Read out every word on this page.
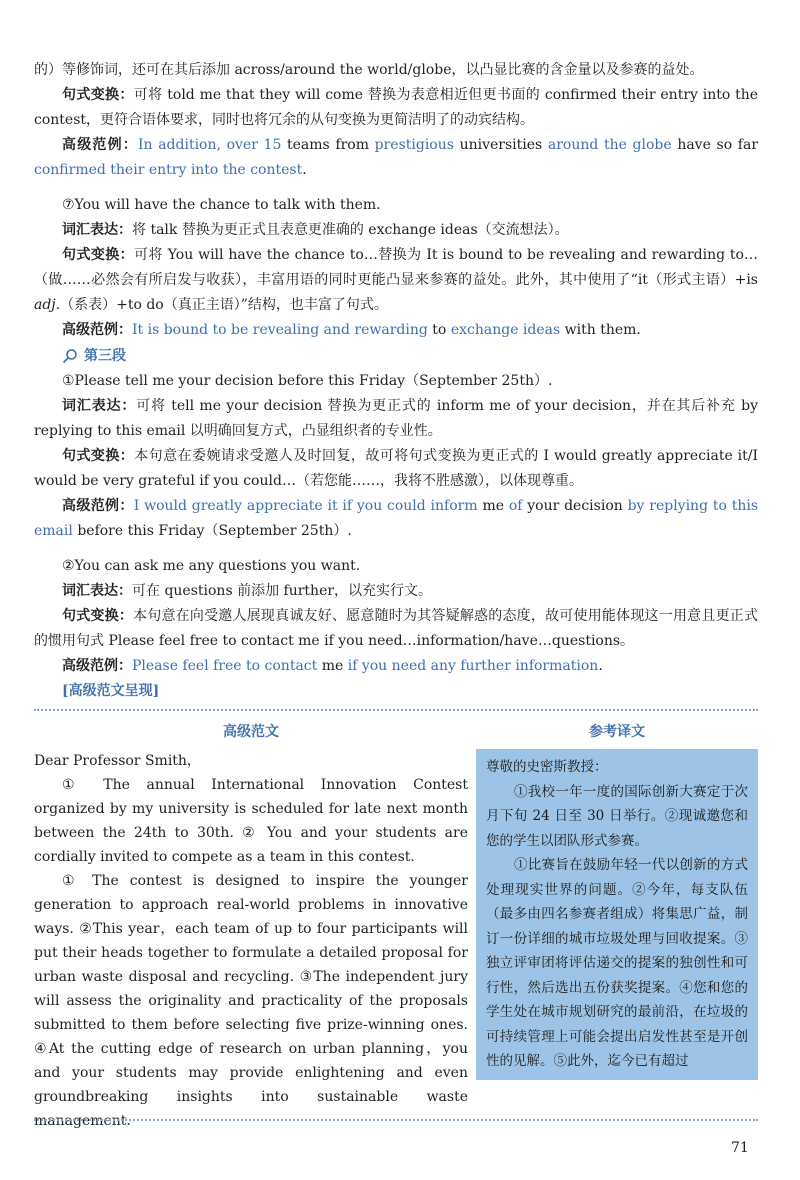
的）等修饰词，还可在其后添加 across/around the world/globe，以凸显比赛的含金量以及参赛的益处。

句式变换：可将 told me that they will come 替换为表意相近但更书面的 confirmed their entry into the contest，更符合语体要求，同时也将冗余的从句变换为更简洁明了的动宾结构。

高级范例：In addition, over 15 teams from prestigious universities around the globe have so far confirmed their entry into the contest.

⑦You will have the chance to talk with them.

词汇表达：将 talk 替换为更正式且表意更准确的 exchange ideas（交流想法）。

句式变换：可将 You will have the chance to…替换为 It is bound to be revealing and rewarding to…（做……必然会有所启发与收获），丰富用语的同时更能凸显来参赛的益处。此外，其中使用了“it（形式主语）+is adj.（系表）+to do（真正主语）”结构，也丰富了句式。

高级范例：It is bound to be revealing and rewarding to exchange ideas with them.

第三段

①Please tell me your decision before this Friday（September 25th）.

词汇表达：可将 tell me your decision 替换为更正式的 inform me of your decision，并在其后补充 by replying to this email 以明确回复方式，凸显组织者的专业性。

句式变换：本句意在委婉请求受邀人及时回复，故可将句式变换为更正式的 I would greatly appreciate it/I would be very grateful if you could…（若您能……，我将不胜感激），以体现尊重。

高级范例：I would greatly appreciate it if you could inform me of your decision by replying to this email before this Friday（September 25th）.

②You can ask me any questions you want.

词汇表达：可在 questions 前添加 further，以充实行文。

句式变换：本句意在向受邀人展现真诚友好、愿意随时为其答疑解惑的态度，故可使用能体现这一用意且更正式的惯用句式 Please feel free to contact me if you need…information/have…questions。

高级范例：Please feel free to contact me if you need any further information.

[高级范文呈现]
高级范文

Dear Professor Smith，

① The annual International Innovation Contest organized by my university is scheduled for late next month between the 24th to 30th. ② You and your students are cordially invited to compete as a team in this contest.

① The contest is designed to inspire the younger generation to approach real-world problems in innovative ways. ②This year，each team of up to four participants will put their heads together to formulate a detailed proposal for urban waste disposal and recycling. ③The independent jury will assess the originality and practicality of the proposals submitted to them before selecting five prize-winning ones. ④At the cutting edge of research on urban planning，you and your students may provide enlightening and even groundbreaking insights into sustainable waste management.

参考译文

尊敬的史密斯教授：

①我校一年一度的国际创新大赛定于次月下旬 24 日至 30 日举行。②现诚邀您和您的学生以团队形式参赛。

①比赛旨在鼓励年轻一代以创新的方式处理现实世界的问题。②今年，每支队伍（最多由四名参赛者组成）将集思广益，制订一份详细的城市垃圾处理与回收提案。③独立评审团将评估递交的提案的独创性和可行性，然后选出五份获奖提案。④您和您的学生处在城市规划研究的最前沿，在垃圾的可持续管理上可能会提出启发性甚至是开创性的见解。⑤此外，迄今已有超过

71
